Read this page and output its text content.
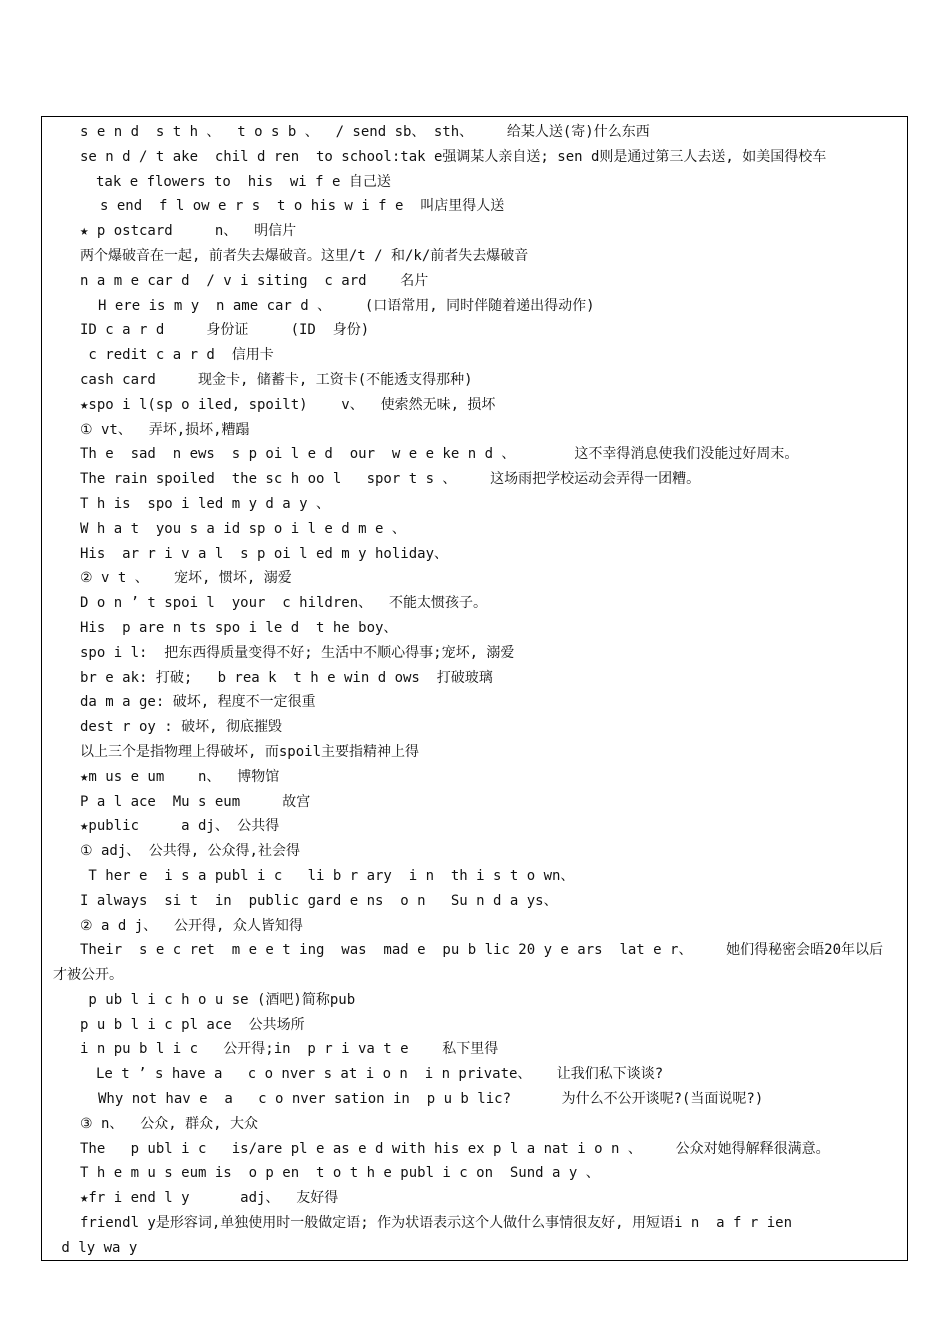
s e n d  s t h 、  t o s b 、  / send sb、 sth、    给某人送(寄)什么东西
se n d / t ake  chil d ren  to school:tak e强调某人亲自送; sen d则是通过第三人去送, 如美国得校车
tak e flowers to  his  wi f e 自己送
s end  f l ow e r s  t o his w i f e  叫店里得人送
★ p ostcard     n、  明信片
两个爆破音在一起, 前者失去爆破音。这里/t / 和/k/前者失去爆破音
n a m e car d  / v i siting  c ard    名片
H ere is m y  n ame car d 、    (口语常用, 同时伴随着递出得动作)
ID c a r d     身份证     (ID  身份)
c redit c a r d  信用卡
cash card     现金卡, 储蓄卡, 工资卡(不能透支得那种)
★spo i l(sp o iled, spoilt)    v、  使索然无味, 损坏
① vt、  弄坏,损坏,糟蹋
Th e  sad  n ews  s p oi l e d  our  w e e ke n d 、       这不幸得消息使我们没能过好周末。
The rain spoiled  the sc h oo l   spor t s 、    这场雨把学校运动会弄得一团糟。
T h is  spo i led m y d a y 、
W h a t  you s a id sp o i l e d m e 、
His  ar r i v a l  s p oi l ed m y holiday、
② v t 、   宠坏, 惯坏, 溺爱
D o n ’ t spoi l  your  c hildren、  不能太惯孩子。
His  p are n ts spo i le d  t he boy、
spo i l:  把东西得质量变得不好; 生活中不顺心得事;宠坏, 溺爱
br e ak: 打破;   b rea k  t h e win d ows  打破玻璃
da m a ge: 破坏, 程度不一定很重
dest r oy : 破坏, 彻底摧毁
以上三个是指物理上得破坏, 而spoil主要指精神上得
★m us e um    n、  博物馆
P a l ace  Mu s eum     故宫
★public     a dj、 公共得
① adj、 公共得, 公众得,社会得
T her e  i s a publ i c   li b r ary  i n  th i s t o wn、
I always  si t  in  public gard e ns  o n   Su n d a ys、
② a d j、  公开得, 众人皆知得
Their  s e c ret  m e e t ing  was  mad e  pu b lic 20 y e ars  lat e r、    她们得秘密会晤20年以后
才被公开。
p ub l i c h o u se (酒吧)简称pub
p u b l i c pl ace  公共场所
i n pu b l i c   公开得;in  p r i va t e    私下里得
Le t ’ s have a   c o nver s at i o n  i n private、   让我们私下谈谈?
Why not hav e  a   c o nver sation in  p u b lic?      为什么不公开谈呢?(当面说呢?)
③ n、  公众, 群众, 大众
The   p ubl i c   is/are pl e as e d with his ex p l a nat i o n 、    公众对她得解释很满意。
T h e m u s eum is  o p en  t o t h e publ i c on  Sund a y 、
★fr i end l y      adj、  友好得
friendl y是形容词,单独使用时一般做定语; 作为状语表示这个人做什么事情很友好, 用短语i n  a f r ien
d ly wa y
